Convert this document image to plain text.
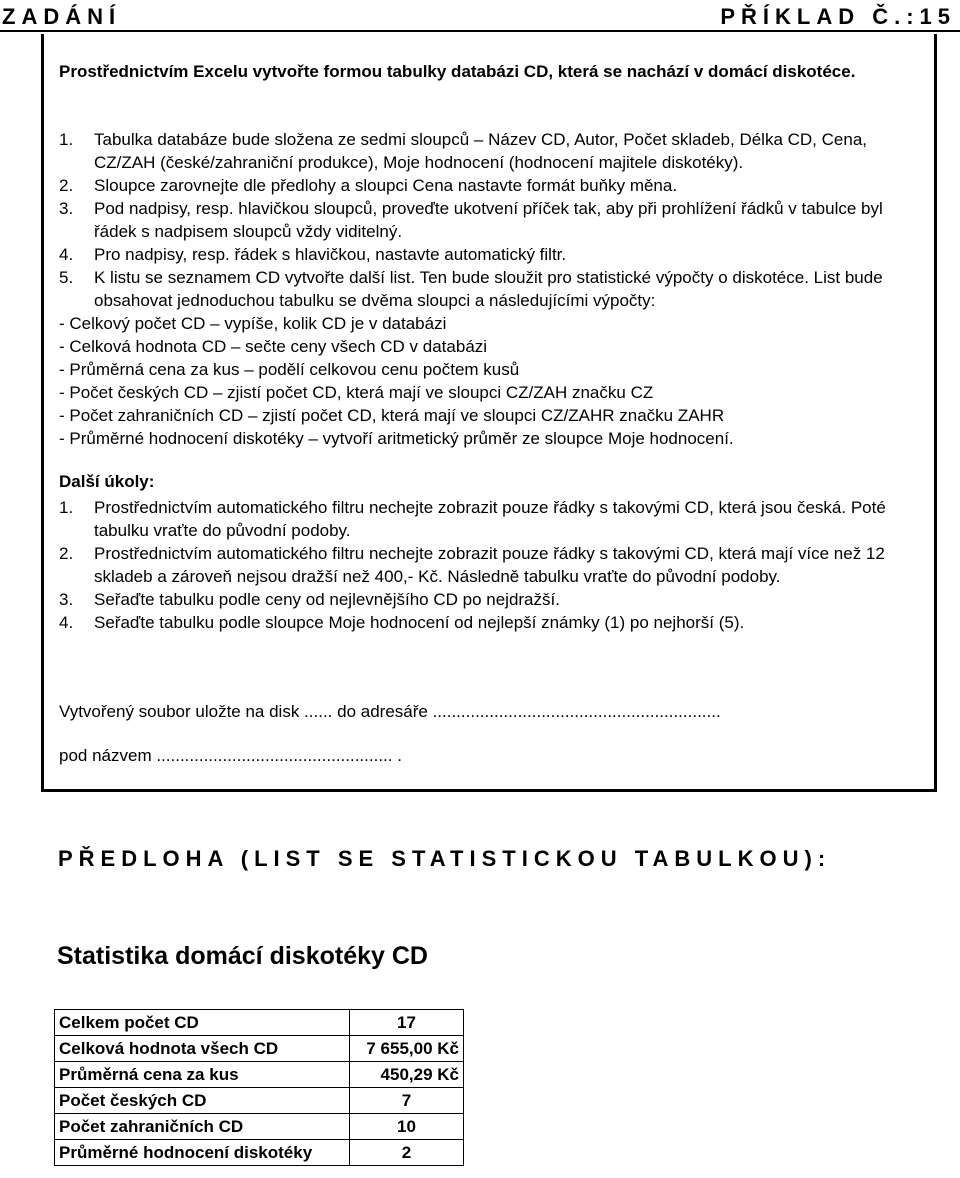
ZADÁNÍ	PŘÍKLAD Č.:15
Prostřednictvím Excelu vytvořte formou tabulky databázi CD, která se nachází v domácí diskotéce.
1. Tabulka databáze bude složena ze sedmi sloupců – Název CD, Autor, Počet skladeb, Délka CD, Cena, CZ/ZAH (české/zahraniční produkce), Moje hodnocení (hodnocení majitele diskotéky).
2. Sloupce zarovnejte dle předlohy a sloupci Cena nastavte formát buňky měna.
3. Pod nadpisy, resp. hlavičkou sloupců, proveďte ukotvení příček tak, aby při prohlížení řádků v tabulce byl řádek s nadpisem sloupců vždy viditelný.
4. Pro nadpisy, resp. řádek s hlavičkou, nastavte automatický filtr.
5. K listu se seznamem CD vytvořte další list. Ten bude sloužit pro statistické výpočty o diskotéce. List bude obsahovat jednoduchou tabulku se dvěma sloupci a následujícími výpočty:
- Celkový počet CD – vypíše, kolik CD je v databázi
- Celková hodnota CD – sečte ceny všech CD v databázi
- Průměrná cena za kus – podělí celkovou cenu počtem kusů
- Počet českých CD – zjistí počet CD, která mají ve sloupci CZ/ZAH značku CZ
- Počet zahraničních CD – zjistí počet CD, která mají ve sloupci CZ/ZAHR značku ZAHR
- Průměrné hodnocení diskotéky – vytvoří aritmetický průměr ze sloupce Moje hodnocení.
Další úkoly:
1. Prostřednictvím automatického filtru nechejte zobrazit pouze řádky s takovými CD, která jsou česká. Poté tabulku vraťte do původní podoby.
2. Prostřednictvím automatického filtru nechejte zobrazit pouze řádky s takovými CD, která mají více než 12 skladeb a zároveň nejsou dražší než 400,- Kč. Následně tabulku vraťte do původní podoby.
3. Seřaďte tabulku podle ceny od nejlevnějšího CD po nejdražší.
4. Seřaďte tabulku podle sloupce Moje hodnocení od nejlepší známky (1) po nejhorší (5).
Vytvořený soubor uložte na disk ...... do adresáře .............................................................
pod názvem .................................................. .
PŘEDLOHA (LIST SE STATISTICKOU TABULKOU):
Statistika domácí diskotéky CD
Celkem počet CD	17
Celková hodnota všech CD	7 655,00 Kč
Průměrná cena za kus	450,29 Kč
Počet českých CD	7
Počet zahraničních CD	10
Průměrné hodnocení diskotéky	2
